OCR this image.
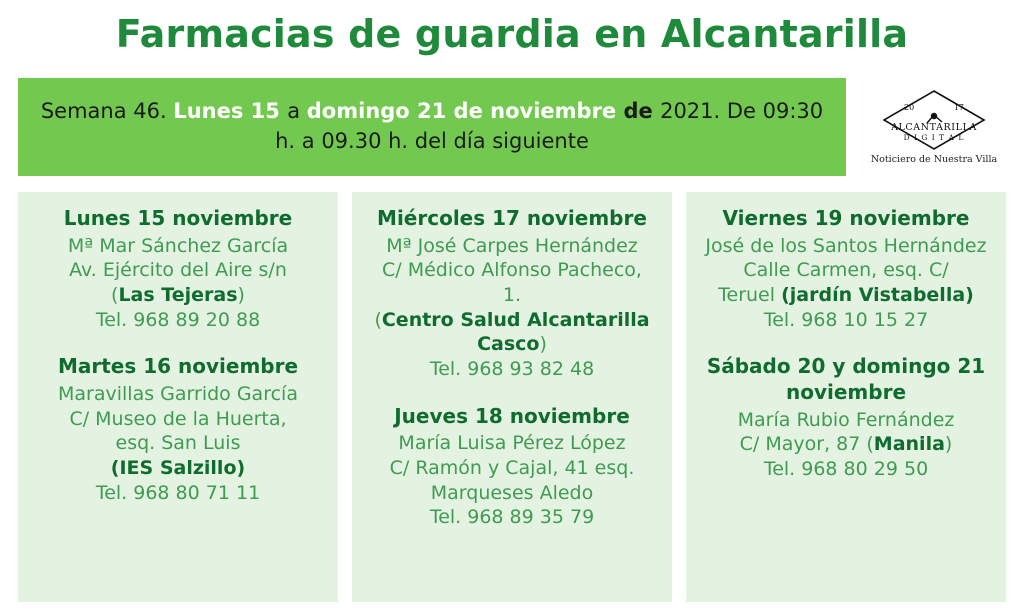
Farmacias de guardia en Alcantarilla
Semana 46. Lunes 15 a domingo 21 de noviembre de 2021. De 09:30 h. a 09.30 h. del día siguiente
20	17
ALCANTARILLA
D I G I T A L
Noticiero de Nuestra Villa
Lunes 15 noviembre
Mª Mar Sánchez García
Av. Ejército del Aire s/n
(Las Tejeras)
Tel. 968 89 20 88
Martes 16 noviembre
Maravillas Garrido García
C/ Museo de la Huerta,
esq. San Luis
(IES Salzillo)
Tel. 968 80 71 11
Miércoles 17 noviembre
Mª José Carpes Hernández
C/ Médico Alfonso Pacheco,
1.
(Centro Salud Alcantarilla Casco)
Tel. 968 93 82 48
Jueves 18 noviembre
María Luisa Pérez López
C/ Ramón y Cajal, 41 esq.
Marqueses Aledo
Tel. 968 89 35 79
Viernes 19 noviembre
José de los Santos Hernández
Calle Carmen, esq. C/
Teruel (jardín Vistabella)
Tel. 968 10 15 27
Sábado 20 y domingo 21 noviembre
María Rubio Fernández
C/ Mayor, 87 (Manila)
Tel. 968 80 29 50
